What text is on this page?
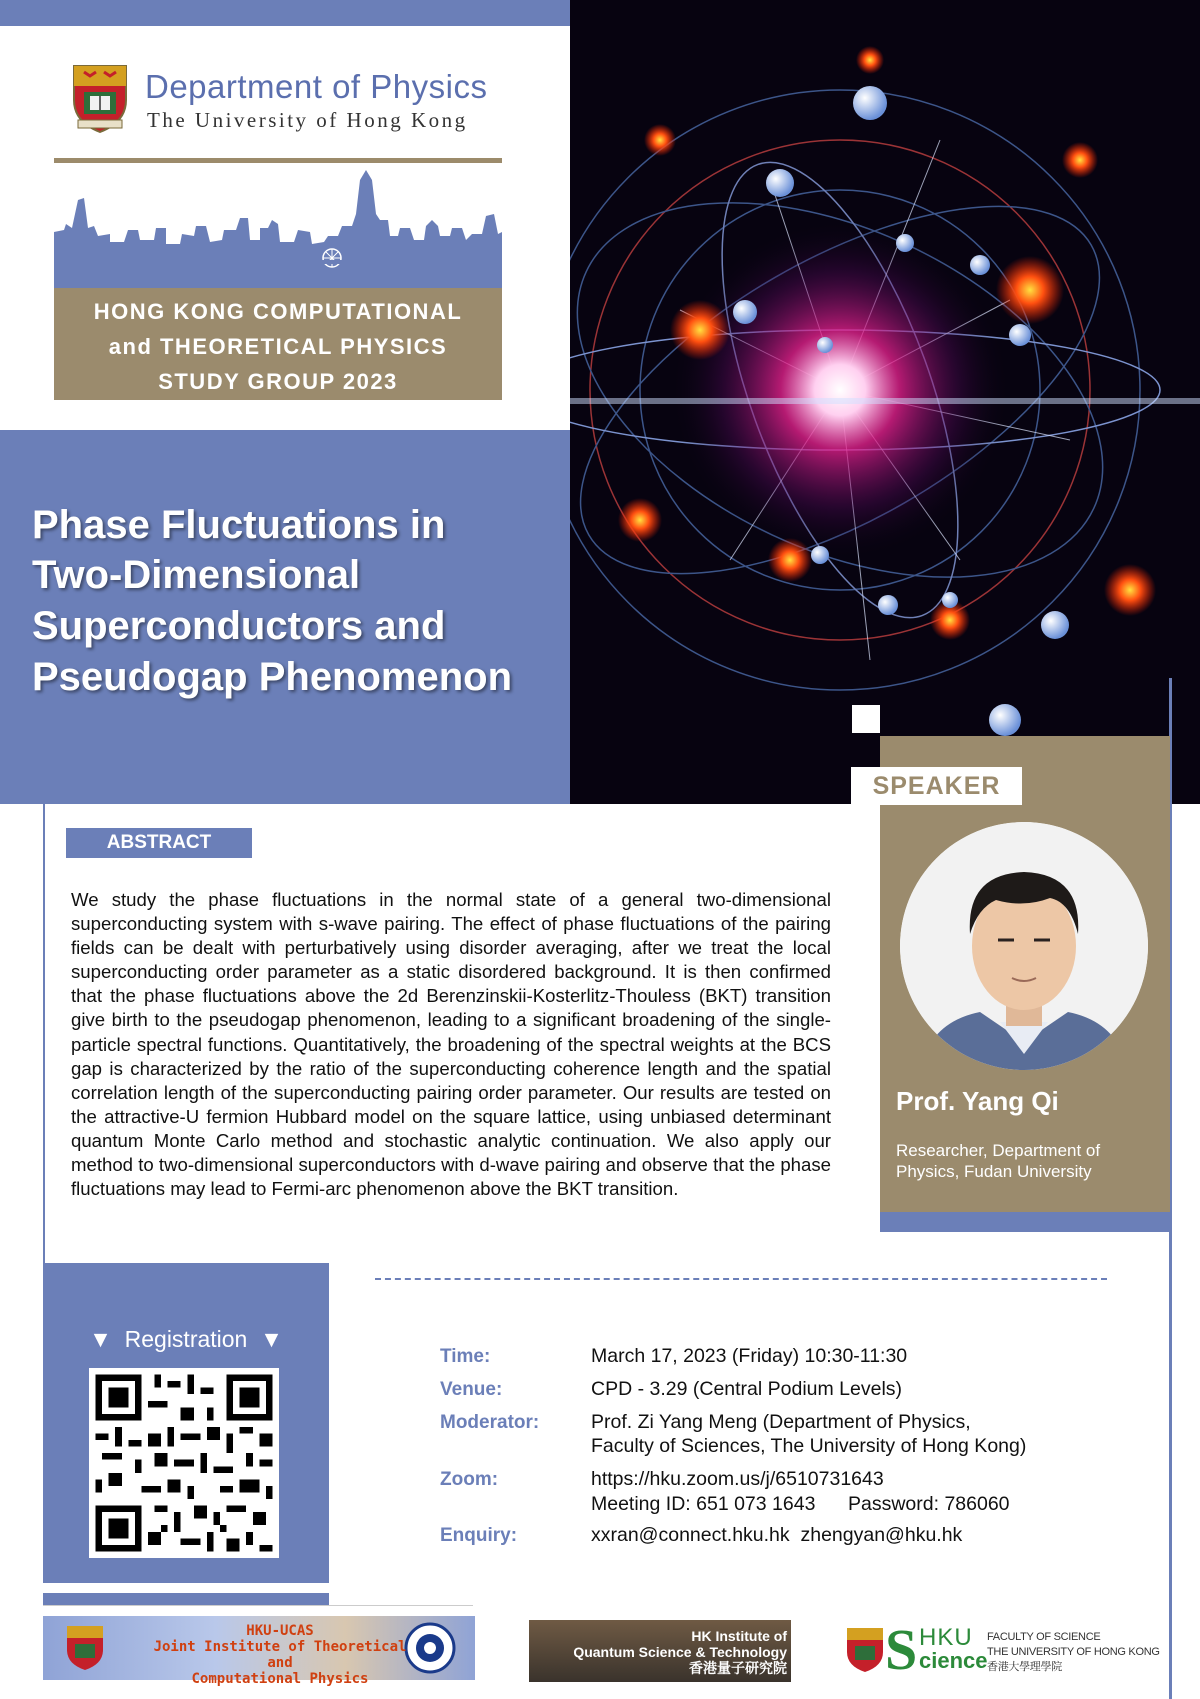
Department of Physics
The University of Hong Kong
HONG KONG COMPUTATIONAL
and THEORETICAL PHYSICS
STUDY GROUP 2023
Phase Fluctuations in
Two-Dimensional
Superconductors and
Pseudogap Phenomenon
SPEAKER
Prof. Yang Qi
Researcher, Department of Physics, Fudan University
ABSTRACT
We study the phase fluctuations in the normal state of a general two-dimensional superconducting system with s-wave pairing. The effect of phase fluctuations of the pairing fields can be dealt with perturbatively using disorder averaging, after we treat the local superconducting order parameter as a static disordered background. It is then confirmed that the phase fluctuations above the 2d Berenzinskii-Kosterlitz-Thouless (BKT) transition give birth to the pseudogap phenomenon, leading to a significant broadening of the single-particle spectral functions. Quantitatively, the broadening of the spectral weights at the BCS gap is characterized by the ratio of the superconducting coherence length and the spatial correlation length of the superconducting pairing order parameter. Our results are tested on the attractive-U fermion Hubbard model on the square lattice, using unbiased determinant quantum Monte Carlo method and stochastic analytic continuation. We also apply our method to two-dimensional superconductors with d-wave pairing and observe that the phase fluctuations may lead to Fermi-arc phenomenon above the BKT transition.
▼ Registration ▼
Time:	March 17, 2023 (Friday) 10:30-11:30
Venue:	CPD - 3.29 (Central Podium Levels)
Moderator:	Prof. Zi Yang Meng (Department of Physics,
Faculty of Sciences, The University of Hong Kong)
Zoom:	https://hku.zoom.us/j/6510731643
Meeting ID: 651 073 1643 Password: 786060
Enquiry:	xxran@connect.hku.hk  zhengyan@hku.hk
HKU-UCAS
Joint Institute of Theoretical and
Computational Physics
HK Institute of
Quantum Science & Technology
香港量子研究院 S HKU
cience
FACULTY OF SCIENCE
THE UNIVERSITY OF HONG KONG
香港大學理學院
